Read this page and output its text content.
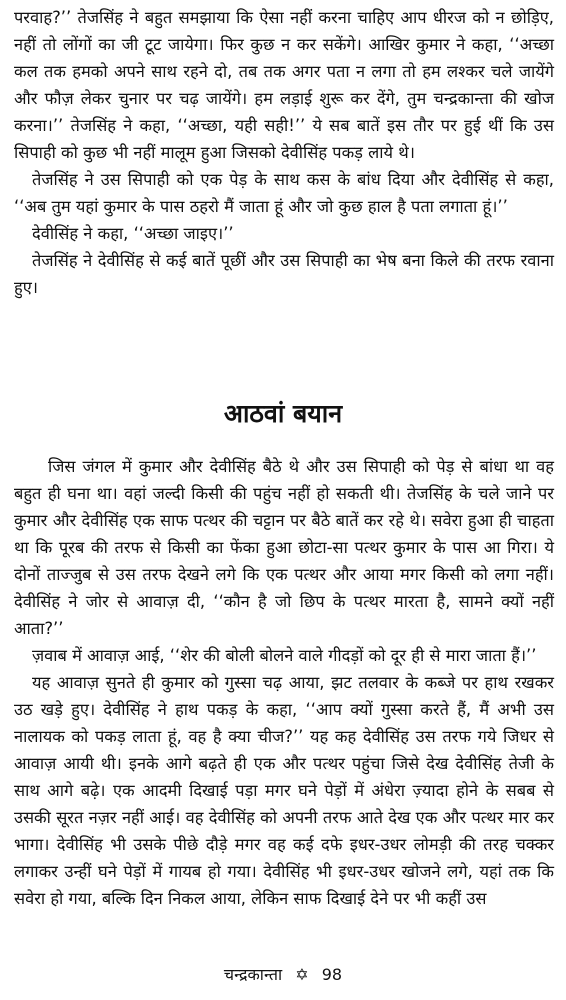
परवाह?’’ तेजसिंह ने बहुत समझाया कि ऐसा नहीं करना चाहिए आप धीरज को न छोड़िए, नहीं तो लोंगों का जी टूट जायेगा। फिर कुछ न कर सकेंगे। आखिर कुमार ने कहा, ‘‘अच्छा कल तक हमको अपने साथ रहने दो, तब तक अगर पता न लगा तो हम लश्कर चले जायेंगे और फौज़ लेकर चुनार पर चढ़ जायेंगे। हम लड़ाई शुरू कर देंगे, तुम चन्द्रकान्ता की खोज करना।’’ तेजसिंह ने कहा, ‘‘अच्छा, यही सही!’’ ये सब बातें इस तौर पर हुई थीं कि उस सिपाही को कुछ भी नहीं मालूम हुआ जिसको देवीसिंह पकड़ लाये थे।

तेजसिंह ने उस सिपाही को एक पेड़ के साथ कस के बांध दिया और देवीसिंह से कहा, ‘‘अब तुम यहां कुमार के पास ठहरो मैं जाता हूं और जो कुछ हाल है पता लगाता हूं।’’

देवीसिंह ने कहा, ‘‘अच्छा जाइए।’’

तेजसिंह ने देवीसिंह से कई बातें पूछीं और उस सिपाही का भेष बना किले की तरफ रवाना हुए।

आठवां बयान

जिस जंगल में कुमार और देवीसिंह बैठे थे और उस सिपाही को पेड़ से बांधा था वह बहुत ही घना था। वहां जल्दी किसी की पहुंच नहीं हो सकती थी। तेजसिंह के चले जाने पर कुमार और देवीसिंह एक साफ पत्थर की चट्टान पर बैठे बातें कर रहे थे। सवेरा हुआ ही चाहता था कि पूरब की तरफ से किसी का फेंका हुआ छोटा-सा पत्थर कुमार के पास आ गिरा। ये दोनों ताज्जुब से उस तरफ देखने लगे कि एक पत्थर और आया मगर किसी को लगा नहीं। देवीसिंह ने जोर से आवाज़ दी, ‘‘कौन है जो छिप के पत्थर मारता है, सामने क्यों नहीं आता?’’

ज़वाब में आवाज़ आई, ‘‘शेर की बोली बोलने वाले गीदड़ों को दूर ही से मारा जाता हैं।’’

यह आवाज़ सुनते ही कुमार को गुस्सा चढ़ आया, झट तलवार के कब्जे पर हाथ रखकर उठ खड़े हुए। देवीसिंह ने हाथ पकड़ के कहा, ‘‘आप क्यों गुस्सा करते हैं, मैं अभी उस नालायक को पकड़ लाता हूं, वह है क्या चीज?’’ यह कह देवीसिंह उस तरफ गये जिधर से आवाज़ आयी थी। इनके आगे बढ़ते ही एक और पत्थर पहुंचा जिसे देख देवीसिंह तेजी के साथ आगे बढ़े। एक आदमी दिखाई पड़ा मगर घने पेड़ों में अंधेरा ज़्यादा होने के सबब से उसकी सूरत नज़र नहीं आई। वह देवीसिंह को अपनी तरफ आते देख एक और पत्थर मार कर भागा। देवीसिंह भी उसके पीछे दौड़े मगर वह कई दफे इधर-उधर लोमड़ी की तरह चक्कर लगाकर उन्हीं घने पेड़ों में गायब हो गया। देवीसिंह भी इधर-उधर खोजने लगे, यहां तक कि सवेरा हो गया, बल्कि दिन निकल आया, लेकिन साफ दिखाई देने पर भी कहीं उस

चन्द्रकान्ता ✡ 98
